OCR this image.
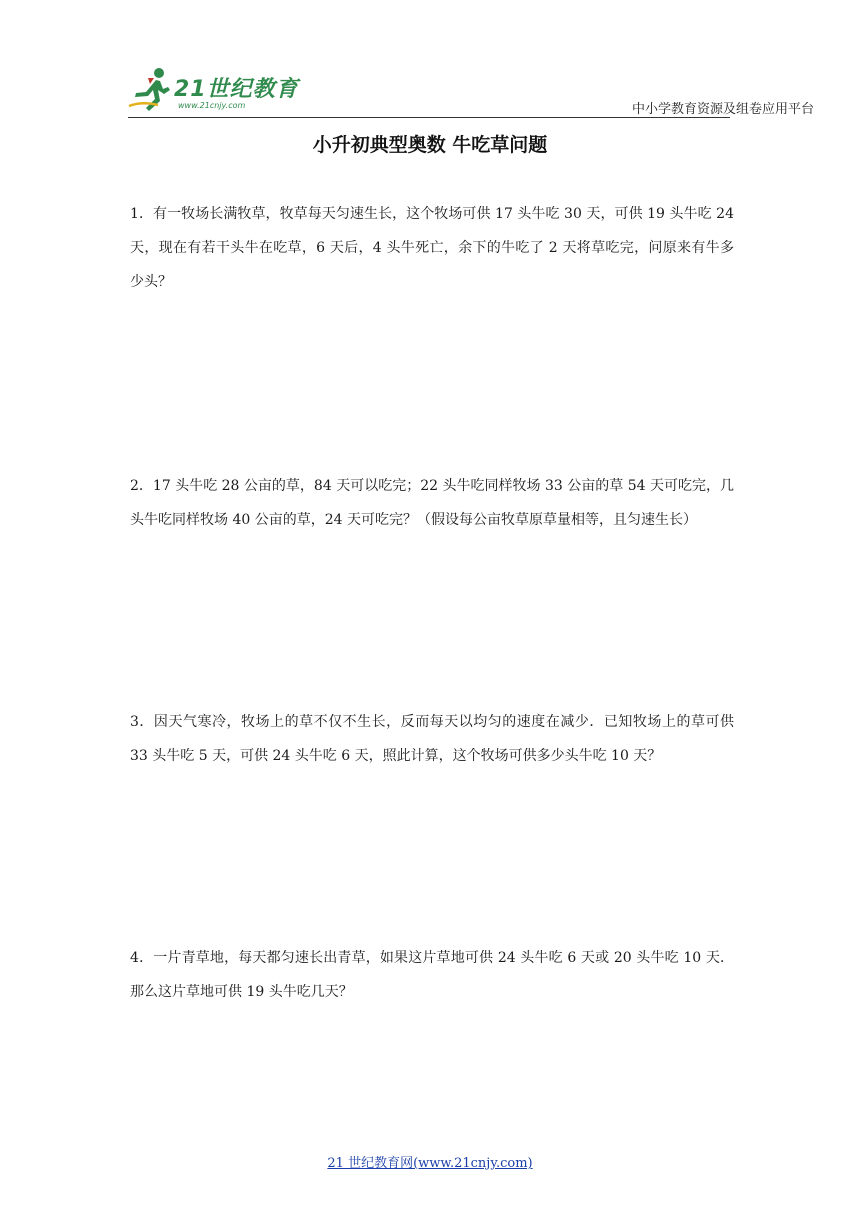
21世纪教育
www.21cnjy.com	中小学教育资源及组卷应用平台
小升初典型奥数 牛吃草问题
1．有一牧场长满牧草，牧草每天匀速生长，这个牧场可供 17 头牛吃 30 天，可供 19 头牛吃 24 天，现在有若干头牛在吃草，6 天后，4 头牛死亡，余下的牛吃了 2 天将草吃完，问原来有牛多少头？
2．17 头牛吃 28 公亩的草，84 天可以吃完；22 头牛吃同样牧场 33 公亩的草 54 天可吃完，几头牛吃同样牧场 40 公亩的草，24 天可吃完？（假设每公亩牧草原草量相等，且匀速生长）
3．因天气寒冷，牧场上的草不仅不生长，反而每天以均匀的速度在减少．已知牧场上的草可供 33 头牛吃 5 天，可供 24 头牛吃 6 天，照此计算，这个牧场可供多少头牛吃 10 天？
4．一片青草地，每天都匀速长出青草，如果这片草地可供 24 头牛吃 6 天或 20 头牛吃 10 天．那么这片草地可供 19 头牛吃几天？
21 世纪教育网(www.21cnjy.com)
